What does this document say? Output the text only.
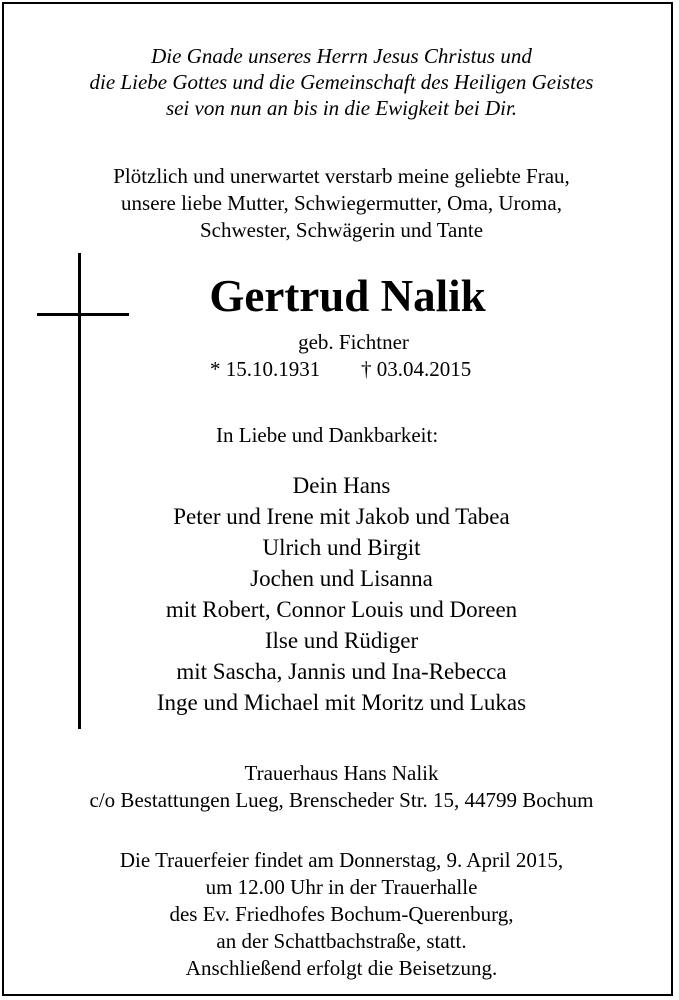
Die Gnade unseres Herrn Jesus Christus und
die Liebe Gottes und die Gemeinschaft des Heiligen Geistes
sei von nun an bis in die Ewigkeit bei Dir.
Plötzlich und unerwartet verstarb meine geliebte Frau,
unsere liebe Mutter, Schwiegermutter, Oma, Uroma,
Schwester, Schwägerin und Tante
Gertrud Nalik
geb. Fichtner
* 15.10.1931 † 03.04.2015
In Liebe und Dankbarkeit:
Dein Hans
Peter und Irene mit Jakob und Tabea
Ulrich und Birgit
Jochen und Lisanna
mit Robert, Connor Louis und Doreen
Ilse und Rüdiger
mit Sascha, Jannis und Ina-Rebecca
Inge und Michael mit Moritz und Lukas
Trauerhaus Hans Nalik
c/o Bestattungen Lueg, Brenscheder Str. 15, 44799 Bochum
Die Trauerfeier findet am Donnerstag, 9. April 2015,
um 12.00 Uhr in der Trauerhalle
des Ev. Friedhofes Bochum-Querenburg,
an der Schattbachstraße, statt.
Anschließend erfolgt die Beisetzung.
